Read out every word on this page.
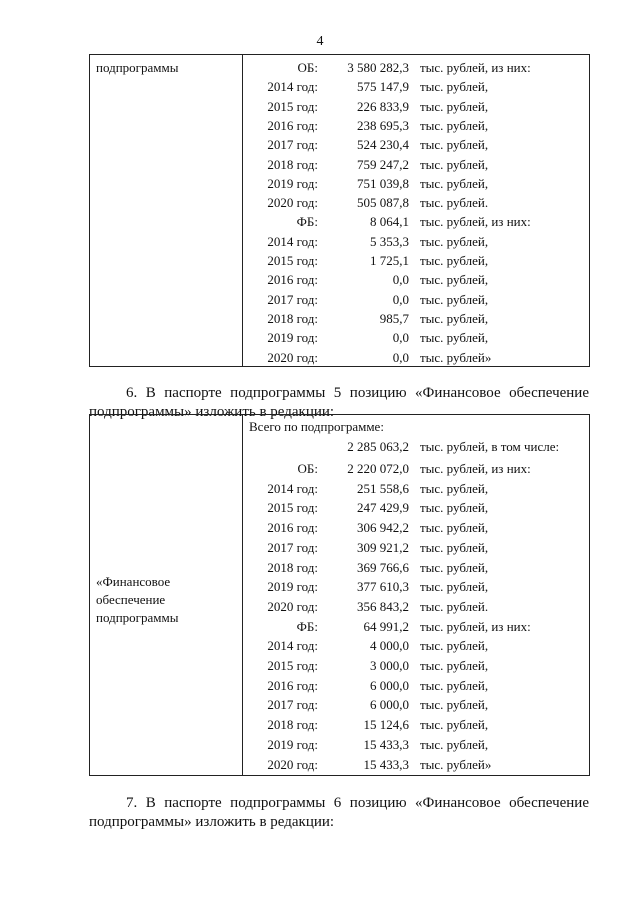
4
подпрограммы	ОБ: 3 580 282,3 тыс. рублей, из них:
2014 год:	575 147,9 тыс. рублей,
2015 год:	226 833,9 тыс. рублей,
2016 год:	238 695,3 тыс. рублей,
2017 год:	524 230,4 тыс. рублей,
2018 год:	759 247,2 тыс. рублей,
2019 год:	751 039,8 тыс. рублей,
2020 год:	505 087,8 тыс. рублей.
ФБ:	8 064,1 тыс. рублей, из них:
2014 год:	5 353,3 тыс. рублей,
2015 год:	1 725,1 тыс. рублей,
2016 год:	0,0 тыс. рублей,
2017 год:	0,0 тыс. рублей,
2018 год:	985,7 тыс. рублей,
2019 год:	0,0 тыс. рублей,
2020 год:	0,0 тыс. рублей»
6. В паспорте подпрограммы 5 позицию «Финансовое обеспечение
подпрограммы» изложить в редакции:
«Финансовое
обеспечение
подпрограммы
Всего по подпрограмме:
2 285 063,2 тыс. рублей, в том числе:
ОБ: 2 220 072,0 тыс. рублей, из них:
2014 год:	251 558,6 тыс. рублей,
2015 год:	247 429,9 тыс. рублей,
2016 год:	306 942,2 тыс. рублей,
2017 год:	309 921,2 тыс. рублей,
2018 год:	369 766,6 тыс. рублей,
2019 год:	377 610,3 тыс. рублей,
2020 год:	356 843,2 тыс. рублей.
ФБ:	64 991,2 тыс. рублей, из них:
2014 год:	4 000,0 тыс. рублей,
2015 год:	3 000,0 тыс. рублей,
2016 год:	6 000,0 тыс. рублей,
2017 год:	6 000,0 тыс. рублей,
2018 год:	15 124,6 тыс. рублей,
2019 год:	15 433,3 тыс. рублей,
2020 год:	15 433,3 тыс. рублей»
7. В паспорте подпрограммы 6 позицию «Финансовое обеспечение
подпрограммы» изложить в редакции:
